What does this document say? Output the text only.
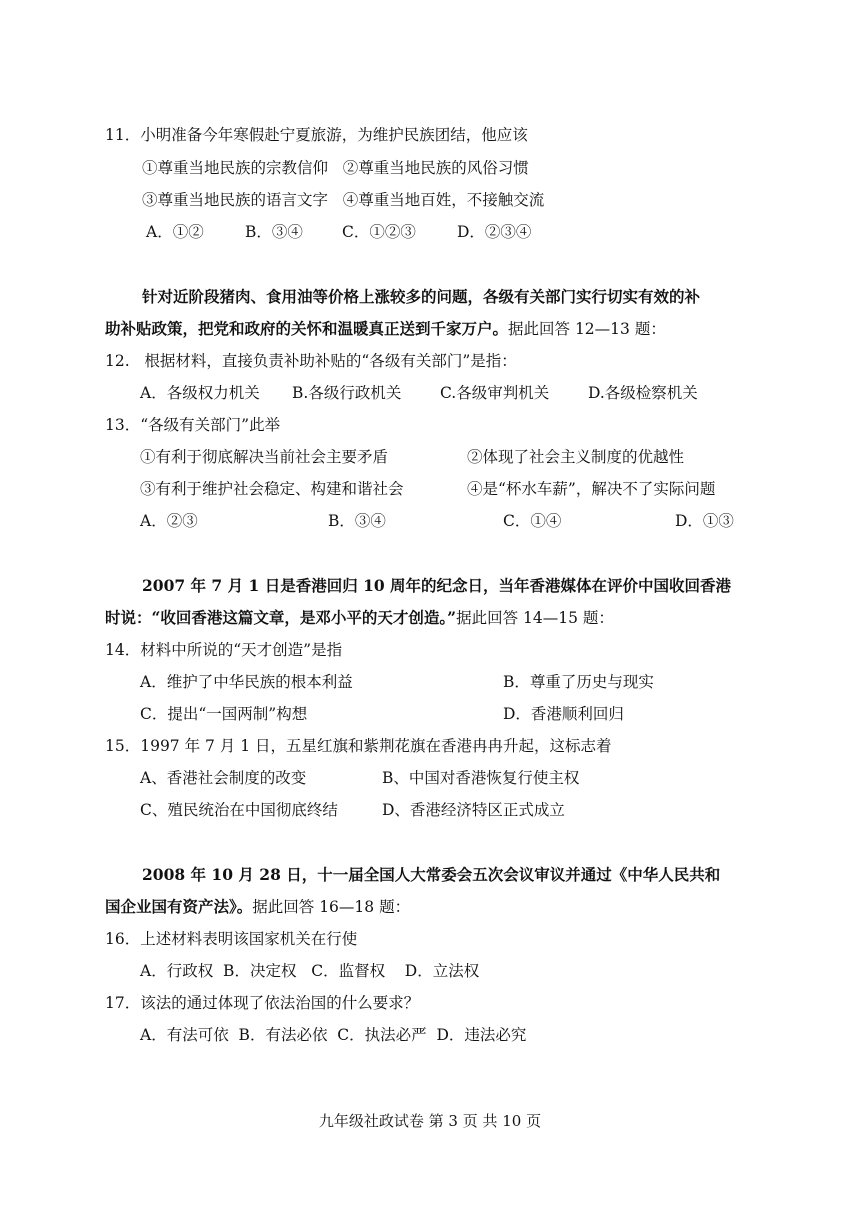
11．小明准备今年寒假赴宁夏旅游，为维护民族团结，他应该
①尊重当地民族的宗教信仰   ②尊重当地民族的风俗习惯
③尊重当地民族的语言文字   ④尊重当地百姓，不接触交流
A．①②	B．③④	C．①②③	D．②③④
针对近阶段猪肉、食用油等价格上涨较多的问题，各级有关部门实行切实有效的补
助补贴政策，把党和政府的关怀和温暖真正送到千家万户。据此回答 12—13 题：
12.   根据材料，直接负责补助补贴的“各级有关部门”是指：
A．各级权力机关 B.各级行政机关 C.各级审判机关	D.各级检察机关
13．“各级有关部门”此举
①有利于彻底解决当前社会主要矛盾	②体现了社会主义制度的优越性
③有利于维护社会稳定、构建和谐社会	④是“杯水车薪”，解决不了实际问题
A．②③	B．③④	C．①④	D．①③
2007 年 7 月 1 日是香港回归 10 周年的纪念日，当年香港媒体在评价中国收回香港
时说：“收回香港这篇文章，是邓小平的天才创造。”据此回答 14—15 题：
14．材料中所说的“天才创造”是指
A．维护了中华民族的根本利益	B．尊重了历史与现实
C．提出“一国两制”构想	D．香港顺利回归
15．1997 年 7 月 1 日，五星红旗和紫荆花旗在香港冉冉升起，这标志着
A、香港社会制度的改变	B、中国对香港恢复行使主权
C、殖民统治在中国彻底终结	D、香港经济特区正式成立
2008 年 10 月 28 日，十一届全国人大常委会五次会议审议并通过《中华人民共和
国企业国有资产法》。据此回答 16—18 题：
16．上述材料表明该国家机关在行使
A．行政权  B．决定权   C．监督权    D．立法权
17．该法的通过体现了依法治国的什么要求？
A．有法可依  B．有法必依  C．执法必严  D．违法必究
九年级社政试卷 第 3 页 共 10 页
